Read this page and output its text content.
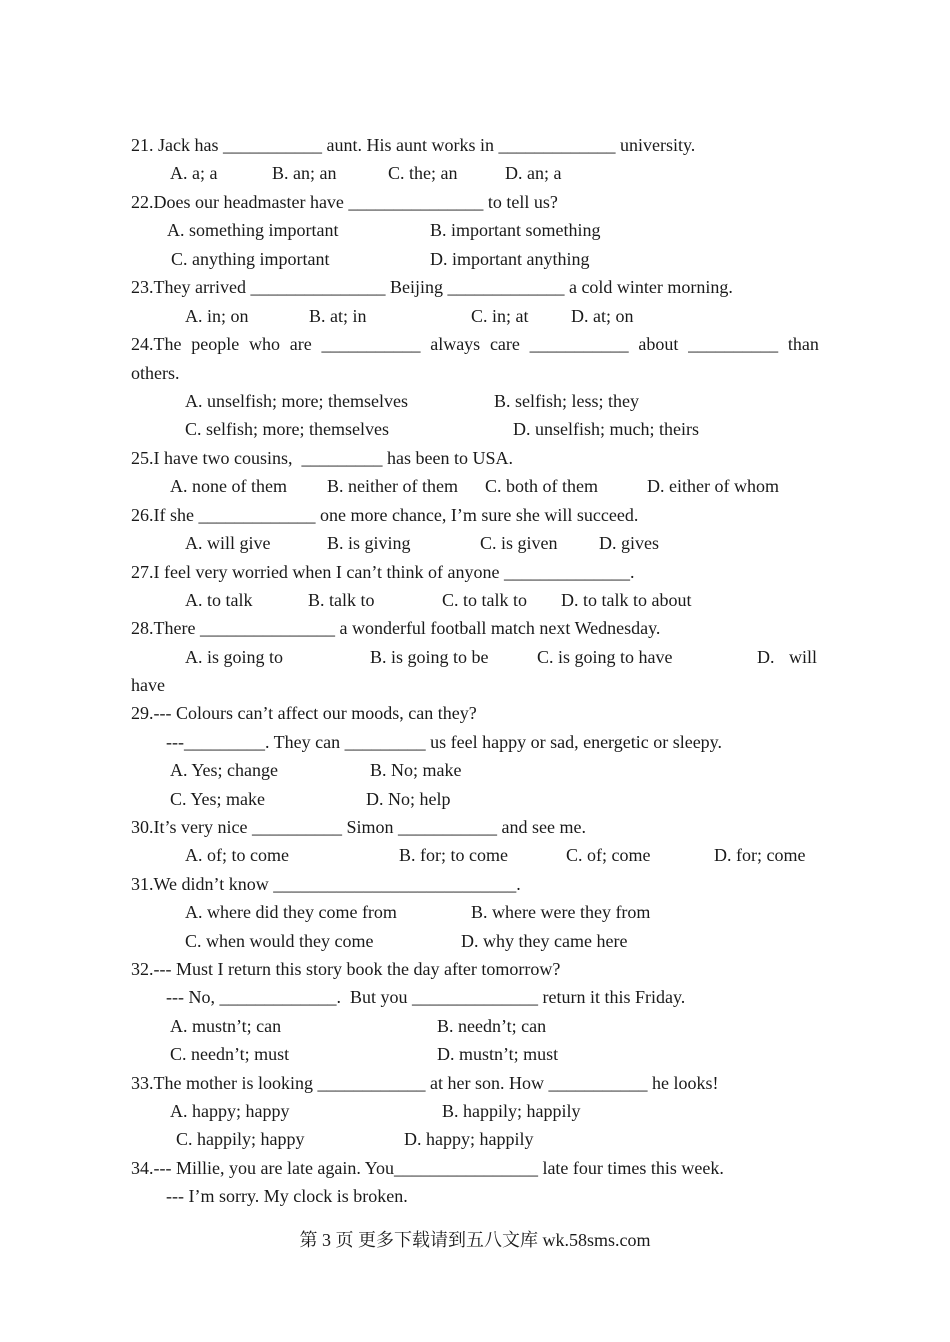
21. Jack has ___________ aunt. His aunt works in _____________ university.
A. a; a	B. an; an	C. the; an	D. an; a
22.Does our headmaster have _______________ to tell us?
A. something important	B. important something
C. anything important	D. important anything
23.They arrived _______________ Beijing _____________ a cold winter morning.
A. in; on	B. at; in	C. in; at D. at; on
24.The people who are ___________ always care ___________ about __________ than
others.
A. unselfish; more; themselves	B. selfish; less; they
C. selfish; more; themselves	D. unselfish; much; theirs
25.I have two cousins,  _________ has been to USA.
A. none of them B. neither of them C. both of them	D. either of whom
26.If she _____________ one more chance, I’m sure she will succeed.
A. will give	B. is giving	C. is given D. gives
27.I feel very worried when I can’t think of anyone ______________.
A. to talk	B. talk to	C. to talk to D. to talk to about
28.There _______________ a wonderful football match next Wednesday.
A. is going to	B. is going to be	C. is going to have	D. will
have
29.--- Colours can’t affect our moods, can they?
---_________. They can _________ us feel happy or sad, energetic or sleepy.
A. Yes; change	B. No; make
C. Yes; make	D. No; help
30.It’s very nice __________ Simon ___________ and see me.
A. of; to come	B. for; to come	C. of; come	D. for; come
31.We didn’t know ___________________________.
A. where did they come from	B. where were they from
C. when would they come	D. why they came here
32.--- Must I return this story book the day after tomorrow?
--- No, _____________.  But you ______________ return it this Friday.
A. mustn’t; can	B. needn’t; can
C. needn’t; must	D. mustn’t; must
33.The mother is looking ____________ at her son. How ___________ he looks!
A. happy; happy	B. happily; happily
C. happily; happy	D. happy; happily
34.--- Millie, you are late again. You________________ late four times this week.
--- I’m sorry. My clock is broken.
第 3 页 更多下载请到五八文库 wk.58sms.com
